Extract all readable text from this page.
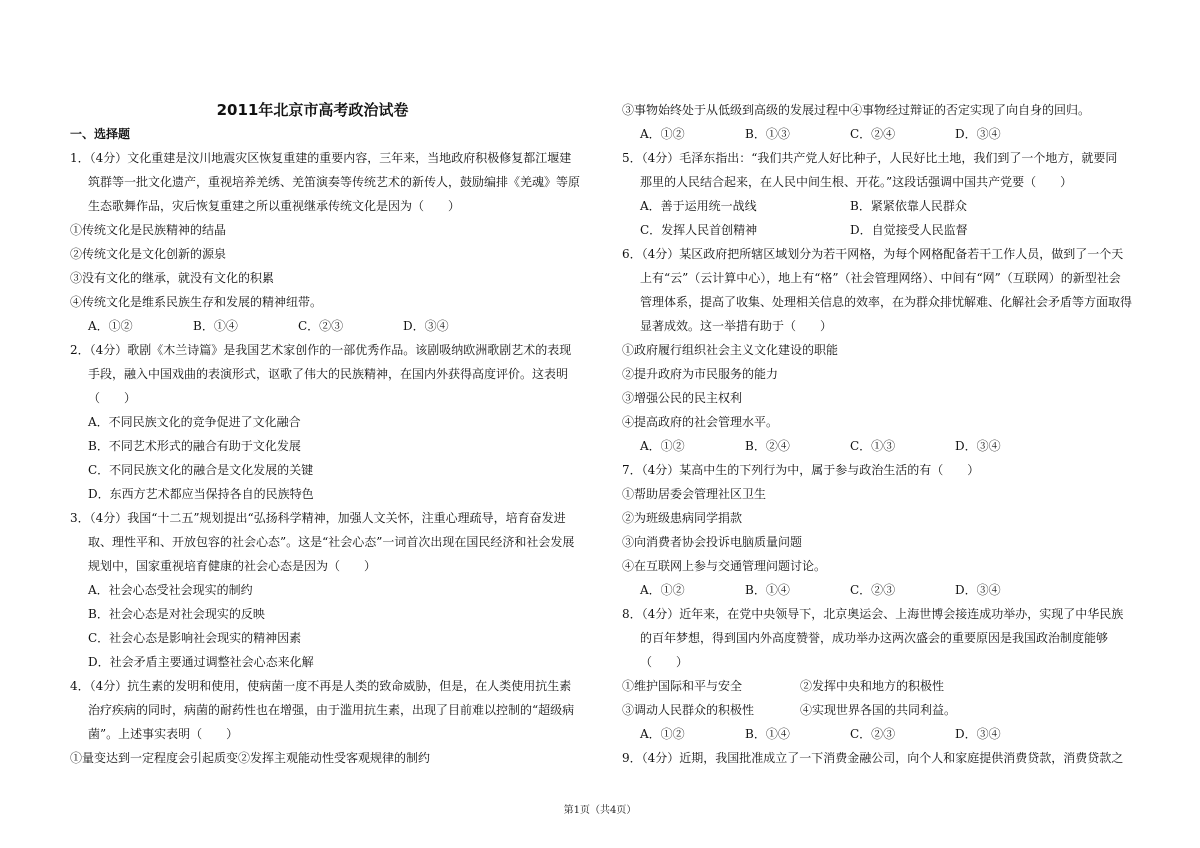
2011年北京市高考政治试卷
一、选择题
1．（4分）文化重建是汶川地震灾区恢复重建的重要内容，三年来，当地政府积极修复都江堰建
筑群等一批文化遗产，重视培养羌绣、羌笛演奏等传统艺术的新传人，鼓励编排《羌魂》等原
生态歌舞作品，灾后恢复重建之所以重视继承传统文化是因为（　　）
①传统文化是民族精神的结晶
②传统文化是文化创新的源泉
③没有文化的继承，就没有文化的积累
④传统文化是维系民族生存和发展的精神纽带。
A．①②	B．①④	C．②③	D．③④
2．（4分）歌剧《木兰诗篇》是我国艺术家创作的一部优秀作品。该剧吸纳欧洲歌剧艺术的表现
手段，融入中国戏曲的表演形式，讴歌了伟大的民族精神，在国内外获得高度评价。这表明
（　　）
A．不同民族文化的竞争促进了文化融合
B．不同艺术形式的融合有助于文化发展
C．不同民族文化的融合是文化发展的关键
D．东西方艺术都应当保持各自的民族特色
3．（4分）我国“十二五”规划提出“弘扬科学精神，加强人文关怀，注重心理疏导，培育奋发进
取、理性平和、开放包容的社会心态”。这是“社会心态”一词首次出现在国民经济和社会发展
规划中，国家重视培育健康的社会心态是因为（　　）
A．社会心态受社会现实的制约
B．社会心态是对社会现实的反映
C．社会心态是影响社会现实的精神因素
D．社会矛盾主要通过调整社会心态来化解
4．（4分）抗生素的发明和使用，使病菌一度不再是人类的致命威胁，但是，在人类使用抗生素
治疗疾病的同时，病菌的耐药性也在增强，由于滥用抗生素，出现了目前难以控制的“超级病
菌”。上述事实表明（　　）
①量变达到一定程度会引起质变②发挥主观能动性受客观规律的制约
③事物始终处于从低级到高级的发展过程中④事物经过辩证的否定实现了向自身的回归。
A．①②	B．①③	C．②④	D．③④
5．（4分）毛泽东指出：“我们共产党人好比种子，人民好比土地，我们到了一个地方，就要同
那里的人民结合起来，在人民中间生根、开花。”这段话强调中国共产党要（　　）
A．善于运用统一战线	B．紧紧依靠人民群众
C．发挥人民首创精神	D．自觉接受人民监督
6．（4分）某区政府把所辖区域划分为若干网格，为每个网格配备若干工作人员，做到了一个天
上有“云”（云计算中心），地上有“格”（社会管理网络）、中间有“网”（互联网）的新型社会
管理体系，提高了收集、处理相关信息的效率，在为群众排忧解难、化解社会矛盾等方面取得
显著成效。这一举措有助于（　　）
①政府履行组织社会主义文化建设的职能
②提升政府为市民服务的能力
③增强公民的民主权利
④提高政府的社会管理水平。
A．①②	B．②④	C．①③	D．③④
7．（4分）某高中生的下列行为中，属于参与政治生活的有（　　）
①帮助居委会管理社区卫生
②为班级患病同学捐款
③向消费者协会投诉电脑质量问题
④在互联网上参与交通管理问题讨论。
A．①②	B．①④	C．②③	D．③④
8．（4分）近年来，在党中央领导下，北京奥运会、上海世博会接连成功举办，实现了中华民族
的百年梦想，得到国内外高度赞誉，成功举办这两次盛会的重要原因是我国政治制度能够
（　　）
①维护国际和平与安全	②发挥中央和地方的积极性
③调动人民群众的积极性	④实现世界各国的共同利益。
A．①②	B．①④	C．②③	D．③④
9．（4分）近期，我国批准成立了一下消费金融公司，向个人和家庭提供消费贷款，消费贷款之
第1页（共4页）
